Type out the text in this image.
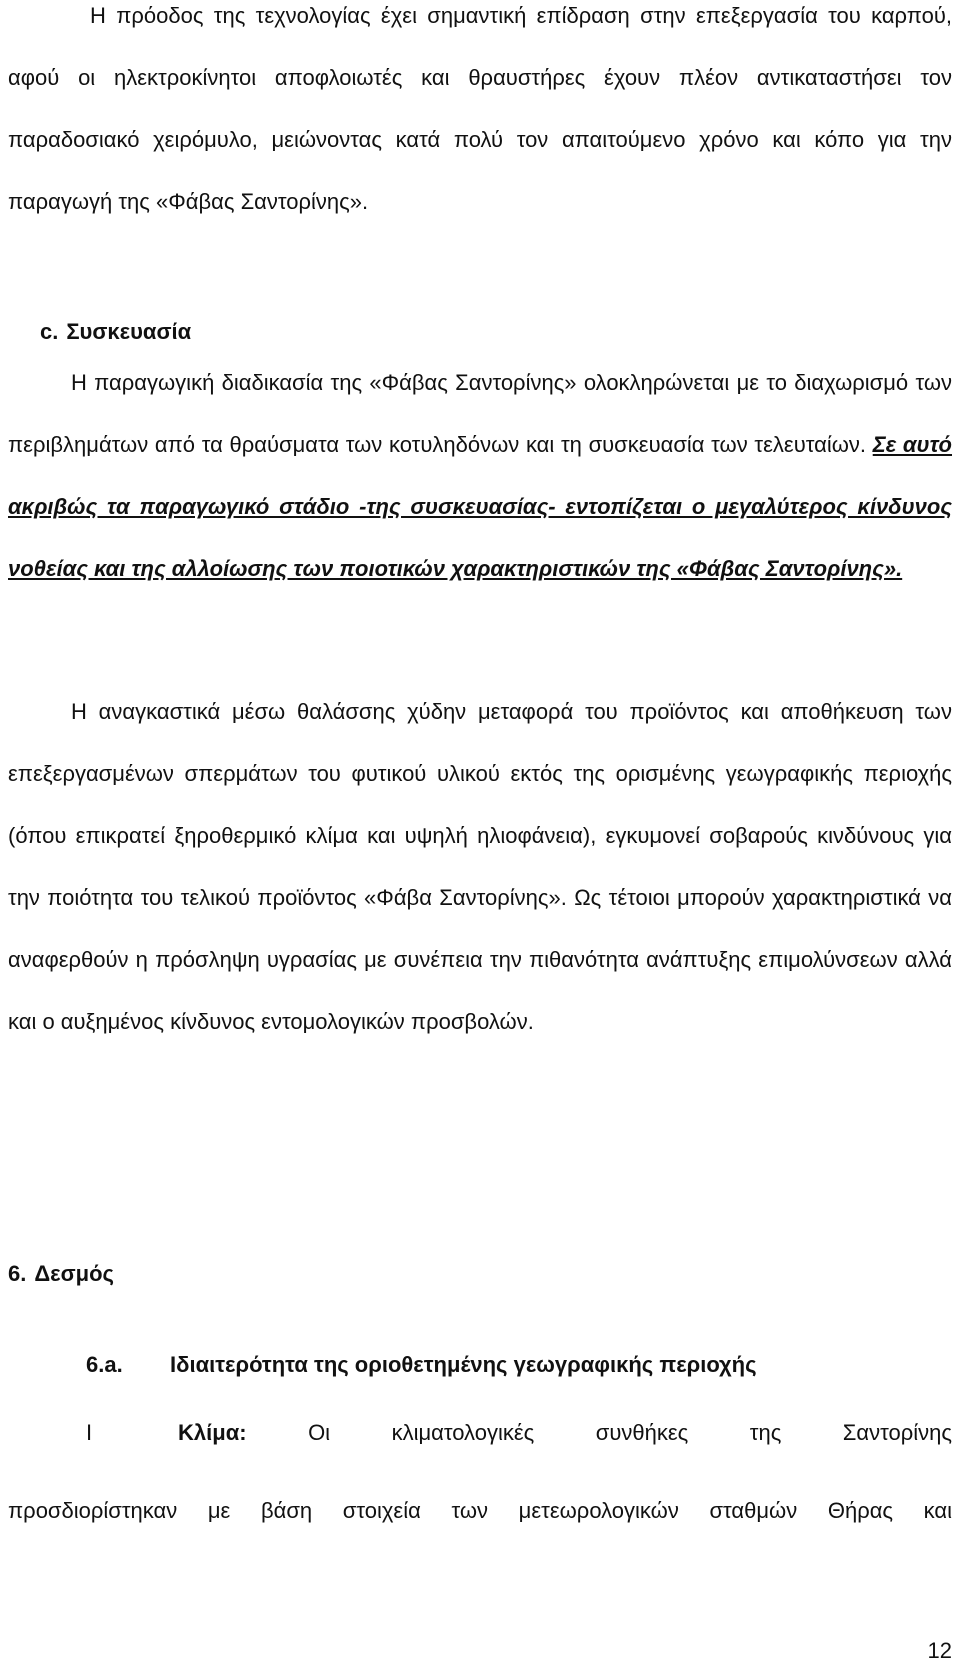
Η πρόοδος της τεχνολογίας έχει σημαντική επίδραση στην επεξεργασία του καρπού, αφού οι ηλεκτροκίνητοι αποφλοιωτές και θραυστήρες έχουν πλέον αντικαταστήσει τον παραδοσιακό χειρόμυλο, μειώνοντας κατά πολύ τον απαιτούμενο χρόνο και κόπο για την παραγωγή της «Φάβας Σαντορίνης».

c. Συσκευασία

Η παραγωγική διαδικασία της «Φάβας Σαντορίνης» ολοκληρώνεται με το διαχωρισμό των περιβλημάτων από τα θραύσματα των κοτυληδόνων και τη συσκευασία των τελευταίων. Σε αυτό ακριβώς τα παραγωγικό στάδιο -της συσκευασίας- εντοπίζεται ο μεγαλύτερος κίνδυνος νοθείας και της αλλοίωσης των ποιοτικών χαρακτηριστικών της «Φάβας Σαντορίνης».

Η αναγκαστικά μέσω θαλάσσης χύδην μεταφορά του προϊόντος και αποθήκευση των επεξεργασμένων σπερμάτων του φυτικού υλικού εκτός της ορισμένης γεωγραφικής περιοχής (όπου επικρατεί ξηροθερμικό κλίμα και υψηλή ηλιοφάνεια), εγκυμονεί σοβαρούς κινδύνους για την ποιότητα του τελικού προϊόντος «Φάβα Σαντορίνης». Ως τέτοιοι μπορούν χαρακτηριστικά να αναφερθούν η πρόσληψη υγρασίας με συνέπεια την πιθανότητα ανάπτυξης επιμολύνσεων αλλά και ο αυξημένος κίνδυνος εντομολογικών προσβολών.

6. Δεσμός
6.a. Ιδιαιτερότητα της οριοθετημένης γεωγραφικής περιοχής

I	Κλίμα:	Οι κλιματολογικές συνθήκες της Σαντορίνης

προσδιορίστηκαν με βάση στοιχεία των μετεωρολογικών σταθμών Θήρας και

12
